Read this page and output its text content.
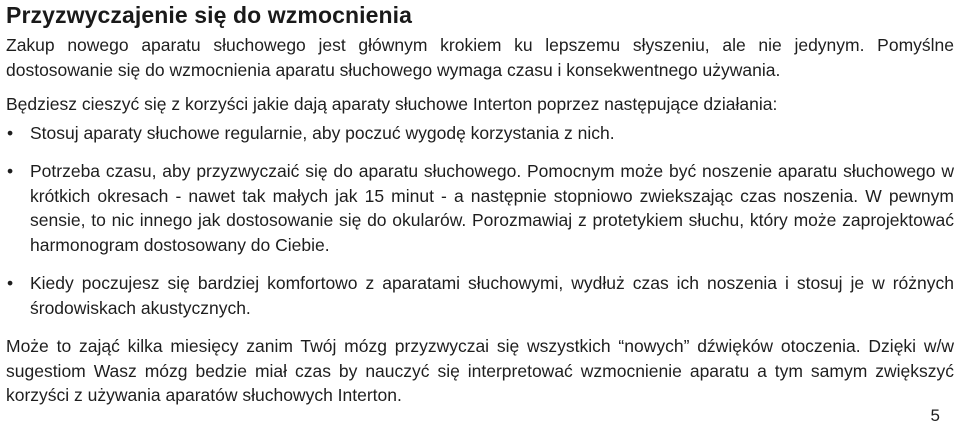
Przyzwyczajenie się do wzmocnienia

Zakup nowego aparatu słuchowego jest głównym krokiem ku lepszemu słyszeniu, ale nie jedynym. Pomyślne dostosowanie się do wzmocnienia aparatu słuchowego wymaga czasu i konsekwentnego używania.

Będziesz cieszyć się z korzyści jakie dają aparaty słuchowe Interton poprzez następujące działania:

• Stosuj aparaty słuchowe regularnie, aby poczuć wygodę korzystania z nich.
• Potrzeba czasu, aby przyzwyczaić się do aparatu słuchowego. Pomocnym może być noszenie aparatu słuchowego w krótkich okresach - nawet tak małych jak 15 minut - a następnie stopniowo zwiekszając czas noszenia. W pewnym sensie, to nic innego jak dostosowanie się do okularów. Porozmawiaj z protetykiem słuchu, który może zaprojektować harmonogram dostosowany do Ciebie.
• Kiedy poczujesz się bardziej komfortowo z aparatami słuchowymi, wydłuż czas ich noszenia i stosuj je w różnych środowiskach akustycznych.

Może to zająć kilka miesięcy zanim Twój mózg przyzwyczai się wszystkich “nowych” dźwięków otoczenia. Dzięki w/w sugestiom Wasz mózg bedzie miał czas by nauczyć się interpretować wzmocnienie aparatu a tym samym zwiększyć korzyści z używania aparatów słuchowych Interton.

5
